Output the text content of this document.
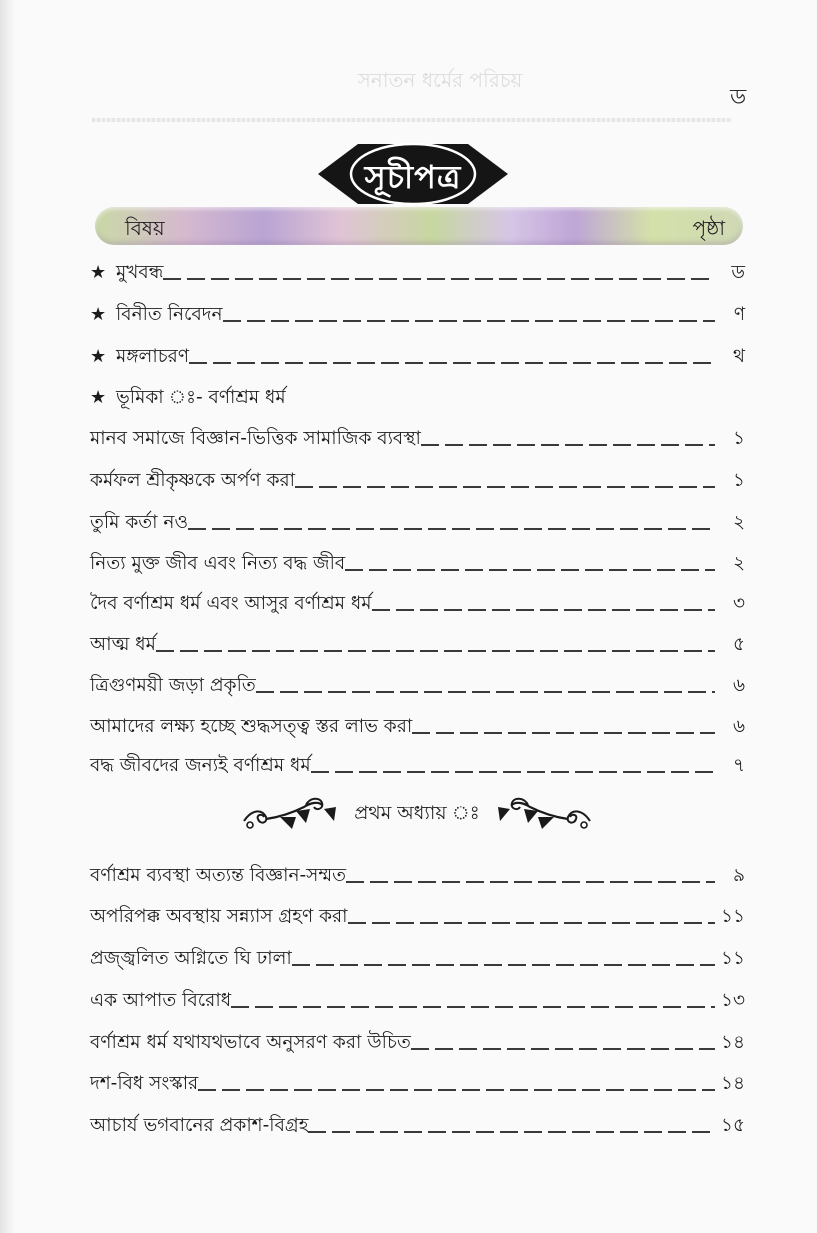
সনাতন ধর্মের পরিচয়
ড
সূচীপত্র
বিষয়	পৃষ্ঠা
★ মুখবন্ধ	ড
★ বিনীত নিবেদন	ণ
★ মঙ্গলাচরণ	থ
★ ভূমিকা ঃ- বর্ণাশ্রম ধর্ম
মানব সমাজে বিজ্ঞান-ভিত্তিক সামাজিক ব্যবস্থা	১
কর্মফল শ্রীকৃষ্ণকে অর্পণ করা	১
তুমি কর্তা নও	২
নিত্য মুক্ত জীব এবং নিত্য বদ্ধ জীব	২
দৈব বর্ণাশ্রম ধর্ম এবং আসুর বর্ণাশ্রম ধর্ম	৩
আত্ম ধর্ম	৫
ত্রিগুণময়ী জড়া প্রকৃতি	৬
আমাদের লক্ষ্য হচ্ছে শুদ্ধসত্ত্ব স্তর লাভ করা	৬
বদ্ধ জীবদের জন্যই বর্ণাশ্রম ধর্ম	৭
প্রথম অধ্যায় ঃ
বর্ণাশ্রম ব্যবস্থা অত্যন্ত বিজ্ঞান-সম্মত	৯
অপরিপক্ক অবস্থায় সন্ন্যাস গ্রহণ করা	১১
প্রজ্জ্বলিত অগ্নিতে ঘি ঢালা	১১
এক আপাত বিরোধ	১৩
বর্ণাশ্রম ধর্ম যথাযথভাবে অনুসরণ করা উচিত	১৪
দশ-বিধ সংস্কার	১৪
আচার্য ভগবানের প্রকাশ-বিগ্রহ	১৫
